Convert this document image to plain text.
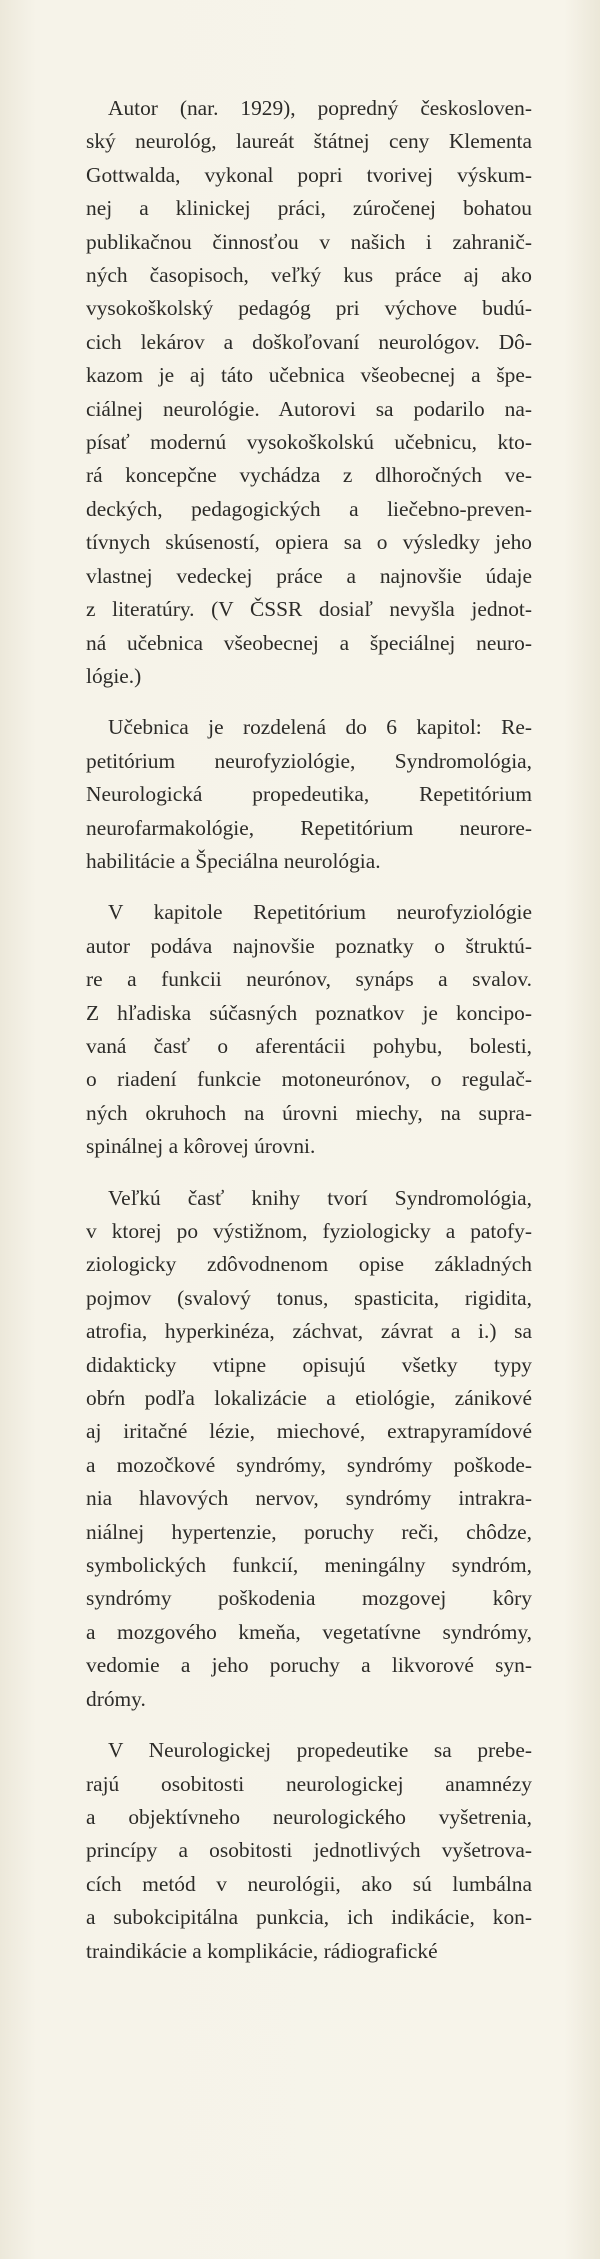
Autor (nar. 1929), popredný českosloven-
ský neurológ, laureát štátnej ceny Klementa
Gottwalda, vykonal popri tvorivej výskum-
nej a klinickej práci, zúročenej bohatou
publikačnou činnosťou v našich i zahranič-
ných časopisoch, veľký kus práce aj ako
vysokoškolský pedagóg pri výchove budú-
cich lekárov a doškoľovaní neurológov. Dô-
kazom je aj táto učebnica všeobecnej a špe-
ciálnej neurológie. Autorovi sa podarilo na-
písať modernú vysokoškolskú učebnicu, kto-
rá koncepčne vychádza z dlhoročných ve-
deckých, pedagogických a liečebno-preven-
tívnych skúseností, opiera sa o výsledky jeho
vlastnej vedeckej práce a najnovšie údaje
z literatúry. (V ČSSR dosiaľ nevyšla jednot-
ná učebnica všeobecnej a špeciálnej neuro-
lógie.)

Učebnica je rozdelená do 6 kapitol: Re-
petitórium neurofyziológie, Syndromológia,
Neurologická propedeutika, Repetitórium
neurofarmakológie, Repetitórium neurore-
habilitácie a Špeciálna neurológia.

V kapitole Repetitórium neurofyziológie
autor podáva najnovšie poznatky o štruktú-
re a funkcii neurónov, synáps a svalov.
Z hľadiska súčasných poznatkov je koncipo-
vaná časť o aferentácii pohybu, bolesti,
o riadení funkcie motoneurónov, o regulač-
ných okruhoch na úrovni miechy, na supra-
spinálnej a kôrovej úrovni.

Veľkú časť knihy tvorí Syndromológia,
v ktorej po výstižnom, fyziologicky a patofy-
ziologicky zdôvodnenom opise základných
pojmov (svalový tonus, spasticita, rigidita,
atrofia, hyperkinéza, záchvat, závrat a i.) sa
didakticky vtipne opisujú všetky typy
obŕn podľa lokalizácie a etiológie, zánikové
aj iritačné lézie, miechové, extrapyramídové
a mozočkové syndrómy, syndrómy poškode-
nia hlavových nervov, syndrómy intrakra-
niálnej hypertenzie, poruchy reči, chôdze,
symbolických funkcií, meningálny syndróm,
syndrómy poškodenia mozgovej kôry
a mozgového kmeňa, vegetatívne syndrómy,
vedomie a jeho poruchy a likvorové syn-
drómy.

V Neurologickej propedeutike sa prebe-
rajú osobitosti neurologickej anamnézy
a objektívneho neurologického vyšetrenia,
princípy a osobitosti jednotlivých vyšetrova-
cích metód v neurológii, ako sú lumbálna
a subokcipitálna punkcia, ich indikácie, kon-
traindikácie a komplikácie, rádiografické
